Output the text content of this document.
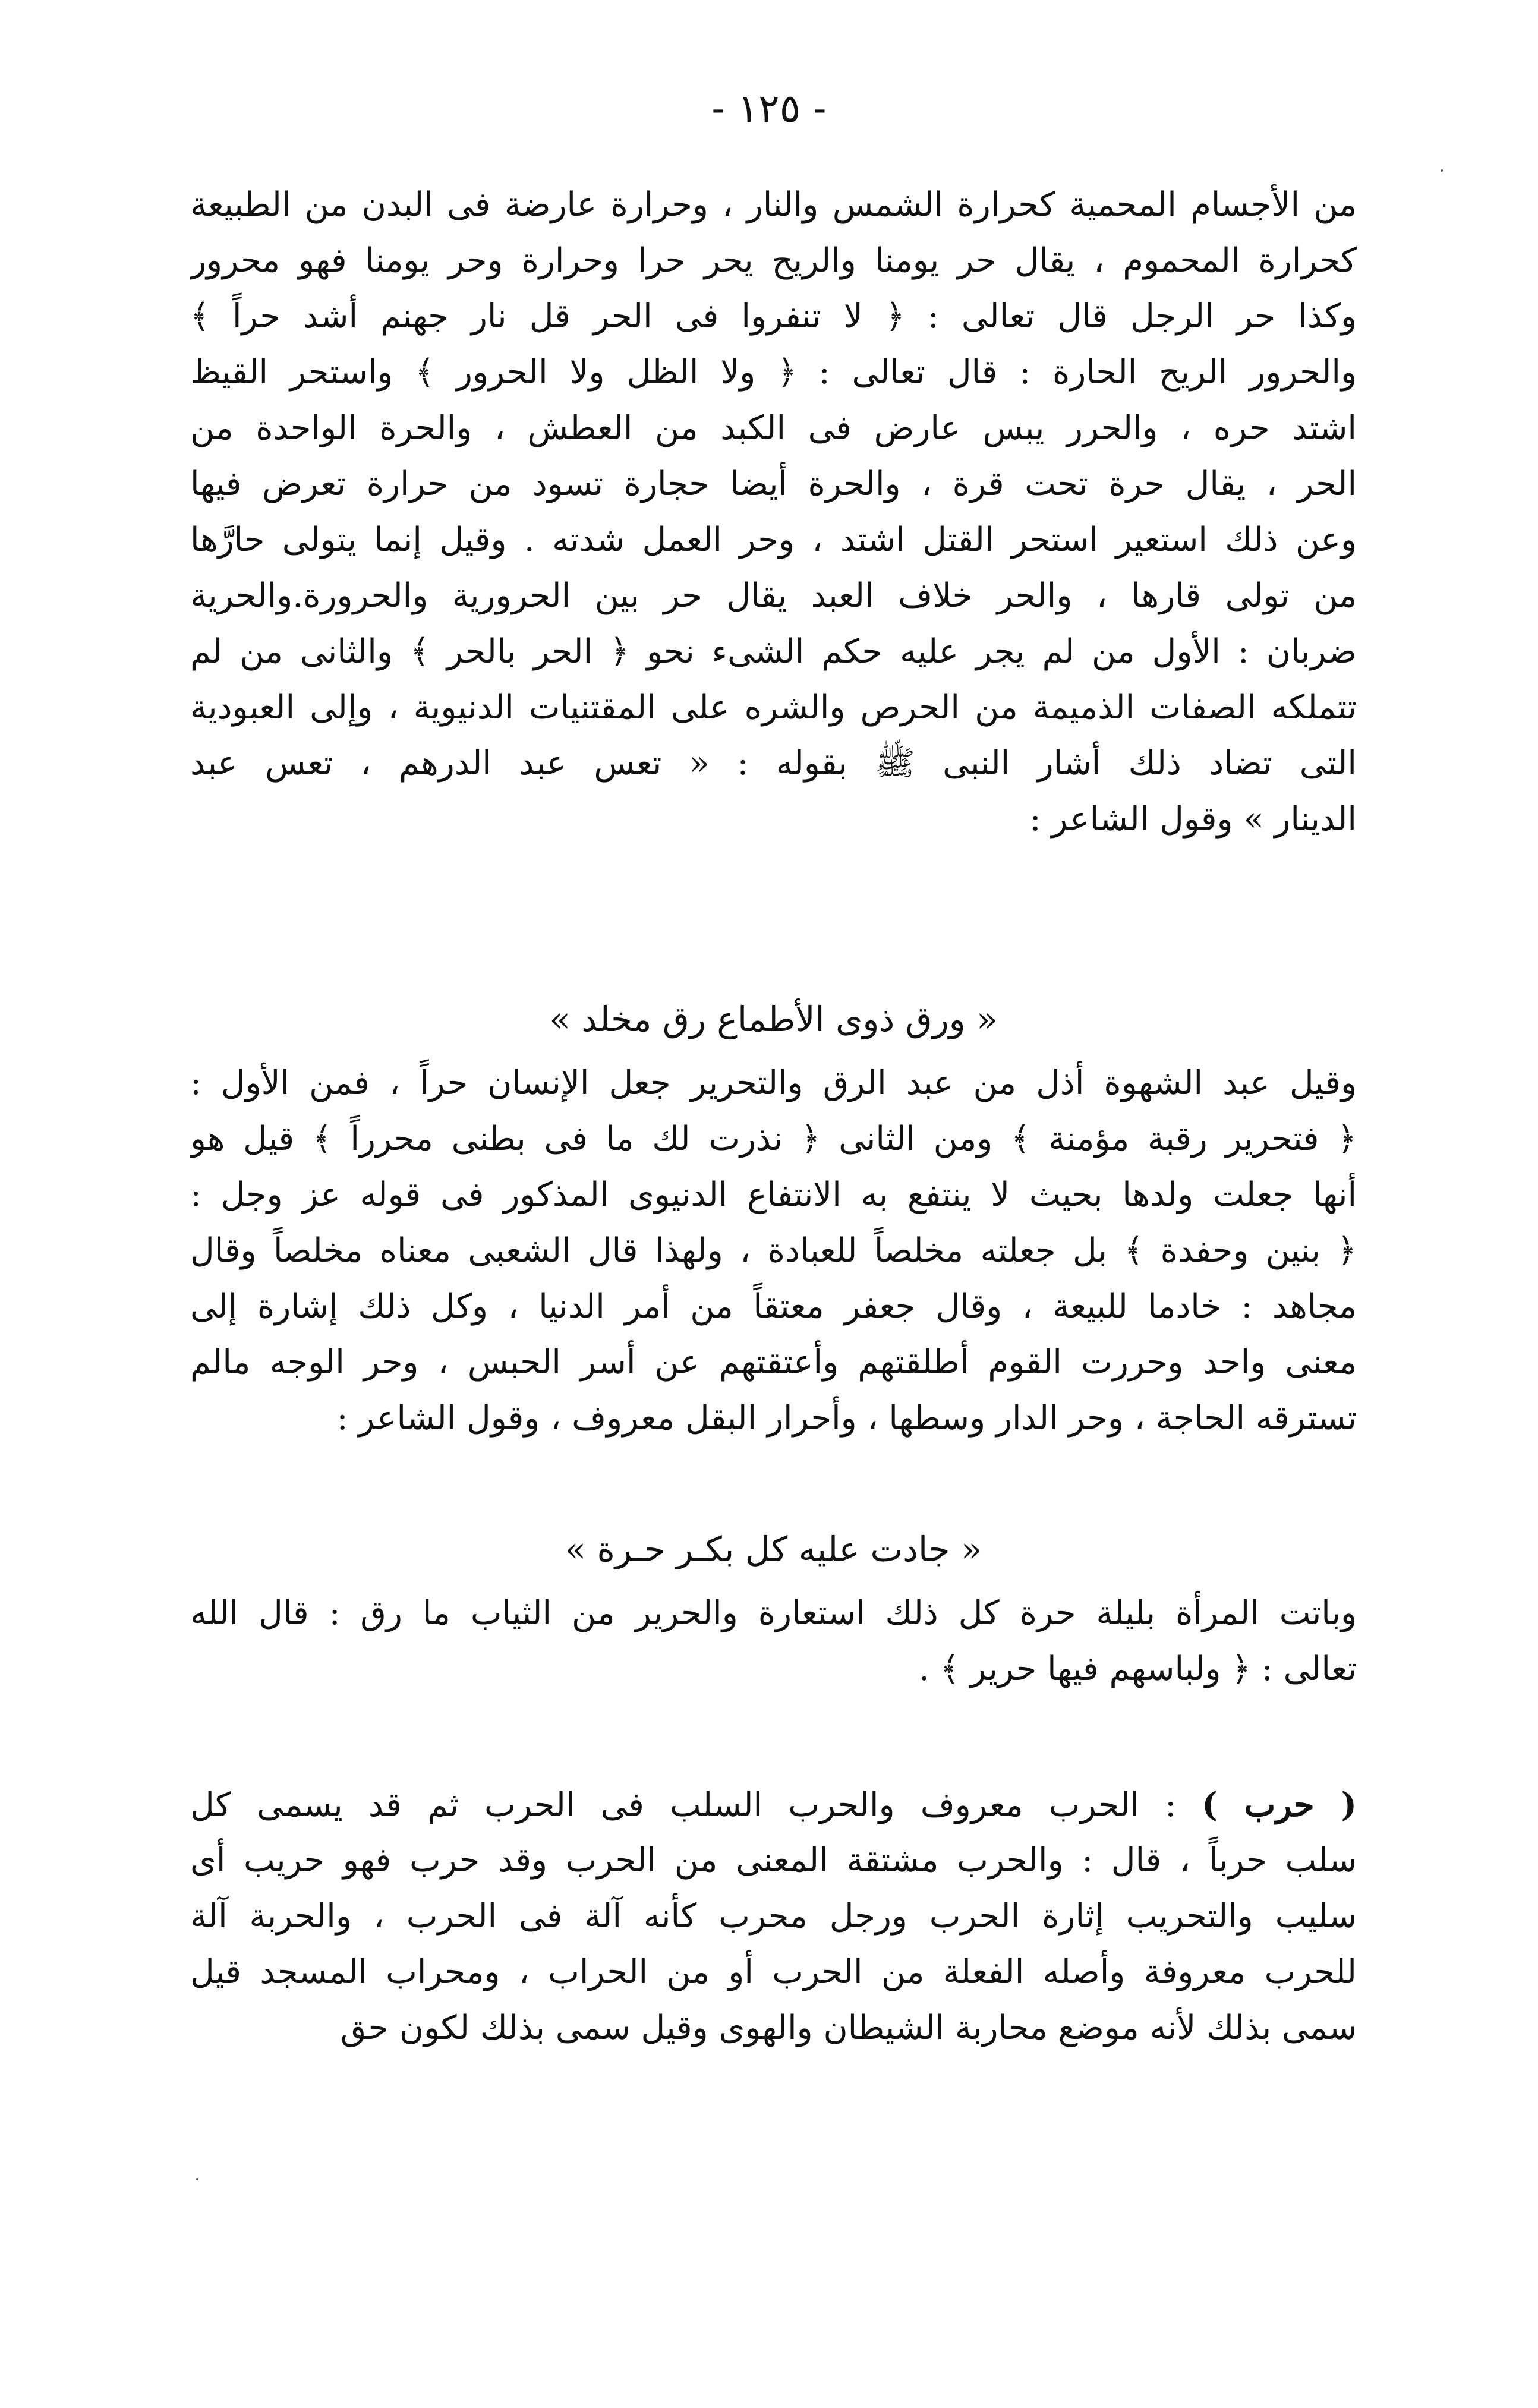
- ١٢٥ -
من الأجسام المحمية كحرارة الشمس والنار ، وحرارة عارضة فى البدن من الطبيعة
كحرارة المحموم ، يقال حر يومنا والريح يحر حرا وحرارة وحر يومنا فهو محرور
وكذا حر الرجل قال تعالى : ﴿ لا تنفروا فى الحر قل نار جهنم أشد حراً ﴾
والحرور الريح الحارة : قال تعالى : ﴿ ولا الظل ولا الحرور ﴾ واستحر القيظ
اشتد حره ، والحرر يبس عارض فى الكبد من العطش ، والحرة الواحدة من
الحر ، يقال حرة تحت قرة ، والحرة أيضا حجارة تسود من حرارة تعرض فيها
وعن ذلك استعير استحر القتل اشتد ، وحر العمل شدته . وقيل إنما يتولى حارَّها
من تولى قارها ، والحر خلاف العبد يقال حر بين الحرورية والحرورة.والحرية
ضربان : الأول من لم يجر عليه حكم الشىء نحو ﴿ الحر بالحر ﴾ والثانى من لم
تتملكه الصفات الذميمة من الحرص والشره على المقتنيات الدنيوية ، وإلى العبودية
التى تضاد ذلك أشار النبى ﷺ بقوله : « تعس عبد الدرهم ، تعس عبد
الدينار » وقول الشاعر :
« ورق ذوى الأطماع رق مخلد »
وقيل عبد الشهوة أذل من عبد الرق والتحرير جعل الإنسان حراً ، فمن الأول :
﴿ فتحرير رقبة مؤمنة ﴾ ومن الثانى ﴿ نذرت لك ما فى بطنى محرراً ﴾ قيل هو
أنها جعلت ولدها بحيث لا ينتفع به الانتفاع الدنيوى المذكور فى قوله عز وجل :
﴿ بنين وحفدة ﴾ بل جعلته مخلصاً للعبادة ، ولهذا قال الشعبى معناه مخلصاً وقال
مجاهد : خادما للبيعة ، وقال جعفر معتقاً من أمر الدنيا ، وكل ذلك إشارة إلى
معنى واحد وحررت القوم أطلقتهم وأعتقتهم عن أسر الحبس ، وحر الوجه مالم
تسترقه الحاجة ، وحر الدار وسطها ، وأحرار البقل معروف ، وقول الشاعر :
« جادت عليه كل بكـر حـرة »
وباتت المرأة بليلة حرة كل ذلك استعارة والحرير من الثياب ما رق : قال الله
تعالى : ﴿ ولباسهم فيها حرير ﴾ .
( حرب ) : الحرب معروف والحرب السلب فى الحرب ثم قد يسمى كل
سلب حرباً ، قال : والحرب مشتقة المعنى من الحرب وقد حرب فهو حريب أى
سليب والتحريب إثارة الحرب ورجل محرب كأنه آلة فى الحرب ، والحربة آلة
للحرب معروفة وأصله الفعلة من الحرب أو من الحراب ، ومحراب المسجد قيل
سمى بذلك لأنه موضع محاربة الشيطان والهوى وقيل سمى بذلك لكون حق
